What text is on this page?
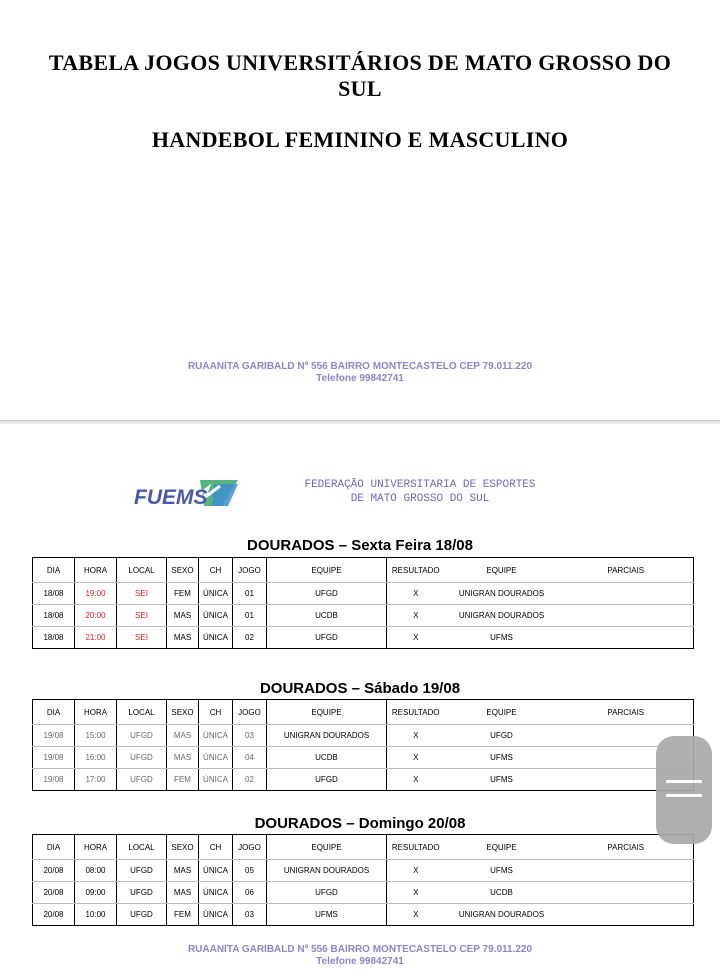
TABELA JOGOS UNIVERSITÁRIOS DE MATO GROSSO DO SUL
HANDEBOL FEMININO E MASCULINO
RUAANITA GARIBALD Nº 556 BAIRRO MONTECASTELO CEP 79.011.220
Telefone 99842741
FUEMS
FEDERAÇÃO UNIVERSITARIA DE ESPORTES
DE MATO GROSSO DO SUL
RUAANITA GARIBALD Nº 556 BAIRRO MONTECASTELO CEP 79.011.220
Telefone 99842741
DOURADOS – Sexta Feira 18/08
DIA	HORA	LOCAL	SEXO	CH	JOGO	EQUIPE	RESULTADO	EQUIPE	PARCIAIS
18/08	19:00	SEI	FEM	ÚNICA	01	UFGD	X	UNIGRAN DOURADOS	
18/08	20:00	SEI	MAS	ÚNICA	01	UCDB	X	UNIGRAN DOURADOS	
18/08	21:00	SEI	MAS	ÚNICA	02	UFGD	X	UFMS	
DOURADOS – Sábado 19/08
DIA	HORA	LOCAL	SEXO	CH	JOGO	EQUIPE	RESULTADO	EQUIPE	PARCIAIS
19/08	15:00	UFGD	MAS	ÚNICA	03	UNIGRAN DOURADOS	X	UFGD	
19/08	16:00	UFGD	MAS	ÚNICA	04	UCDB	X	UFMS	
19/08	17:00	UFGD	FEM	ÚNICA	02	UFGD	X	UFMS	
DOURADOS – Domingo 20/08
DIA	HORA	LOCAL	SEXO	CH	JOGO	EQUIPE	RESULTADO	EQUIPE	PARCIAIS
20/08	08:00	UFGD	MAS	ÚNICA	05	UNIGRAN DOURADOS	X	UFMS	
20/08	09:00	UFGD	MAS	ÚNICA	06	UFGD	X	UCDB	
20/08	10:00	UFGD	FEM	ÚNICA	03	UFMS	X	UNIGRAN DOURADOS	
